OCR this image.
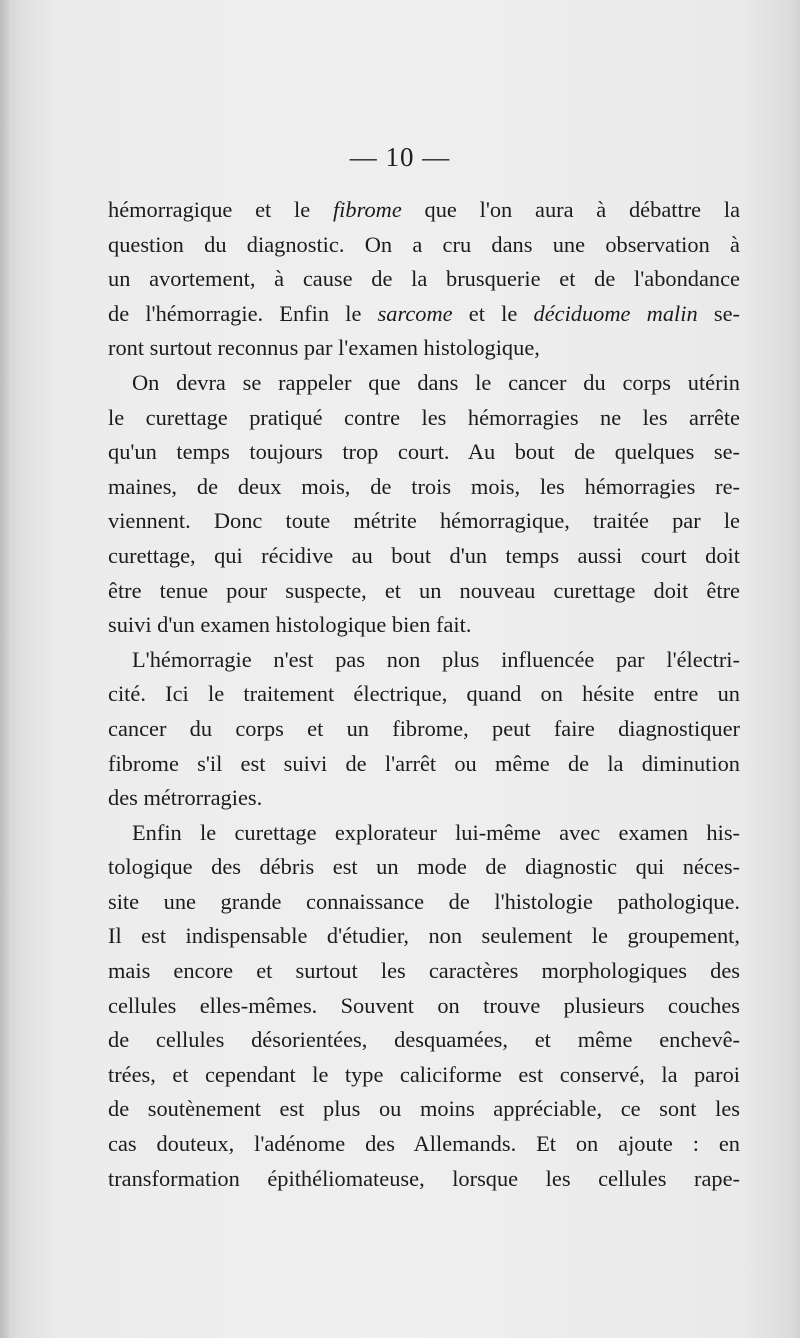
— 10 —
hémorragique et le fibrome que l'on aura à débattre la
question du diagnostic. On a cru dans une observation à
un avortement, à cause de la brusquerie et de l'abondance
de l'hémorragie. Enfin le sarcome et le déciduome malin se-
ront surtout reconnus par l'examen histologique,
On devra se rappeler que dans le cancer du corps utérin
le curettage pratiqué contre les hémorragies ne les arrête
qu'un temps toujours trop court. Au bout de quelques se-
maines, de deux mois, de trois mois, les hémorragies re-
viennent. Donc toute métrite hémorragique, traitée par le
curettage, qui récidive au bout d'un temps aussi court doit
être tenue pour suspecte, et un nouveau curettage doit être
suivi d'un examen histologique bien fait.
L'hémorragie n'est pas non plus influencée par l'électri-
cité. Ici le traitement électrique, quand on hésite entre un
cancer du corps et un fibrome, peut faire diagnostiquer
fibrome s'il est suivi de l'arrêt ou même de la diminution
des métrorragies.
Enfin le curettage explorateur lui-même avec examen his-
tologique des débris est un mode de diagnostic qui néces-
site une grande connaissance de l'histologie pathologique.
Il est indispensable d'étudier, non seulement le groupement,
mais encore et surtout les caractères morphologiques des
cellules elles-mêmes. Souvent on trouve plusieurs couches
de cellules désorientées, desquamées, et même enchevê-
trées, et cependant le type caliciforme est conservé, la paroi
de soutènement est plus ou moins appréciable, ce sont les
cas douteux, l'adénome des Allemands. Et on ajoute : en
transformation épithéliomateuse, lorsque les cellules rape-
